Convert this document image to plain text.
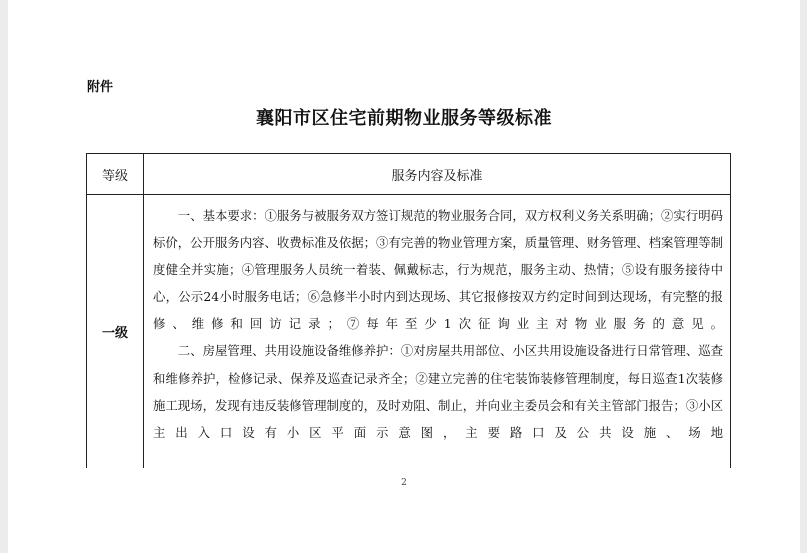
附件
襄阳市区住宅前期物业服务等级标准
等级	服务内容及标准
一级

一、基本要求：①服务与被服务双方签订规范的物业服务合同，双方权利义务关系明确；②实行明码标价，公开服务内容、收费标准及依据；③有完善的物业管理方案，质量管理、财务管理、档案管理等制度健全并实施；④管理服务人员统一着装、佩戴标志，行为规范，服务主动、热情；⑤设有服务接待中心，公示24小时服务电话；⑥急修半小时内到达现场、其它报修按双方约定时间到达现场，有完整的报修、维修和回访记录；⑦每年至少1次征询业主对物业服务的意见。

二、房屋管理、共用设施设备维修养护：①对房屋共用部位、小区共用设施设备进行日常管理、巡查和维修养护，检修记录、保养及巡查记录齐全；②建立完善的住宅装饰装修管理制度，每日巡查1次装修施工现场，发现有违反装修管理制度的，及时劝阻、制止，并向业主委员会和有关主管部门报告；③小区主出入口设有小区平面示意图，主要路口及公共设施、场地

2
